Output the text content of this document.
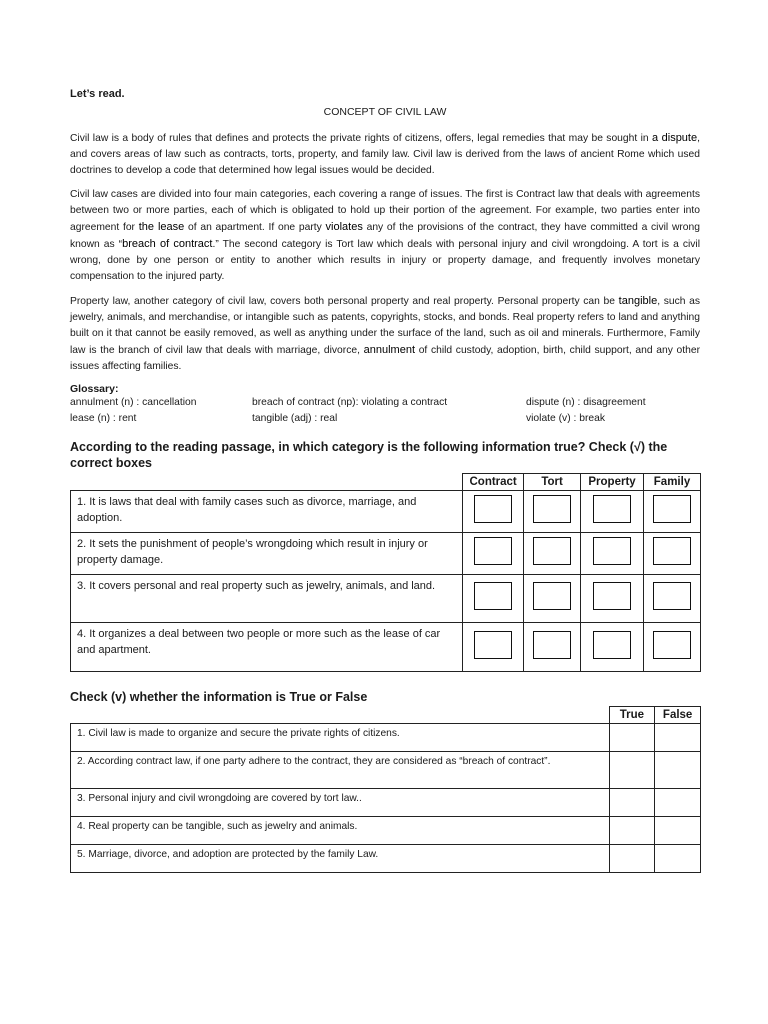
Let’s read.

CONCEPT OF CIVIL LAW

Civil law is a body of rules that defines and protects the private rights of citizens, offers, legal remedies that may be sought in a dispute, and covers areas of law such as contracts, torts, property, and family law. Civil law is derived from the laws of ancient Rome which used doctrines to develop a code that determined how legal issues would be decided.

Civil law cases are divided into four main categories, each covering a range of issues. The first is Contract law that deals with agreements between two or more parties, each of which is obligated to hold up their portion of the agreement. For example, two parties enter into agreement for the lease of an apartment. If one party violates any of the provisions of the contract, they have committed a civil wrong known as “breach of contract.” The second category is Tort law which deals with personal injury and civil wrongdoing. A tort is a civil wrong, done by one person or entity to another which results in injury or property damage, and frequently involves monetary compensation to the injured party.

Property law, another category of civil law, covers both personal property and real property. Personal property can be tangible, such as jewelry, animals, and merchandise, or intangible such as patents, copyrights, stocks, and bonds. Real property refers to land and anything built on it that cannot be easily removed, as well as anything under the surface of the land, such as oil and minerals. Furthermore, Family law is the branch of civil law that deals with marriage, divorce, annulment of child custody, adoption, birth, child support, and any other issues affecting families.

Glossary:

annulment (n) : cancellation	breach of contract (np): violating a contract	dispute (n) : disagreement
lease (n) : rent	tangible (adj) : real	violate (v) : break

According to the reading passage, in which category is the following information true? Check (√) the correct boxes

	Contract	Tort	Property	Family
1. It is laws that deal with family cases such as divorce, marriage, and adoption.				
2. It sets the punishment of people’s wrongdoing which result in injury or property damage.				
3. It covers personal and real property such as jewelry, animals, and land.				
4. It organizes a deal between two people or more such as the lease of car and apartment.				

Check (v) whether the information is True or False

	True	False
1. Civil law is made to organize and secure the private rights of citizens.		
2. According contract law, if one party adhere to the contract, they are considered as “breach of contract”.		
3. Personal injury and civil wrongdoing are covered by tort law..		
4. Real property can be tangible, such as jewelry and animals.		
5. Marriage, divorce, and adoption are protected by the family Law.		
